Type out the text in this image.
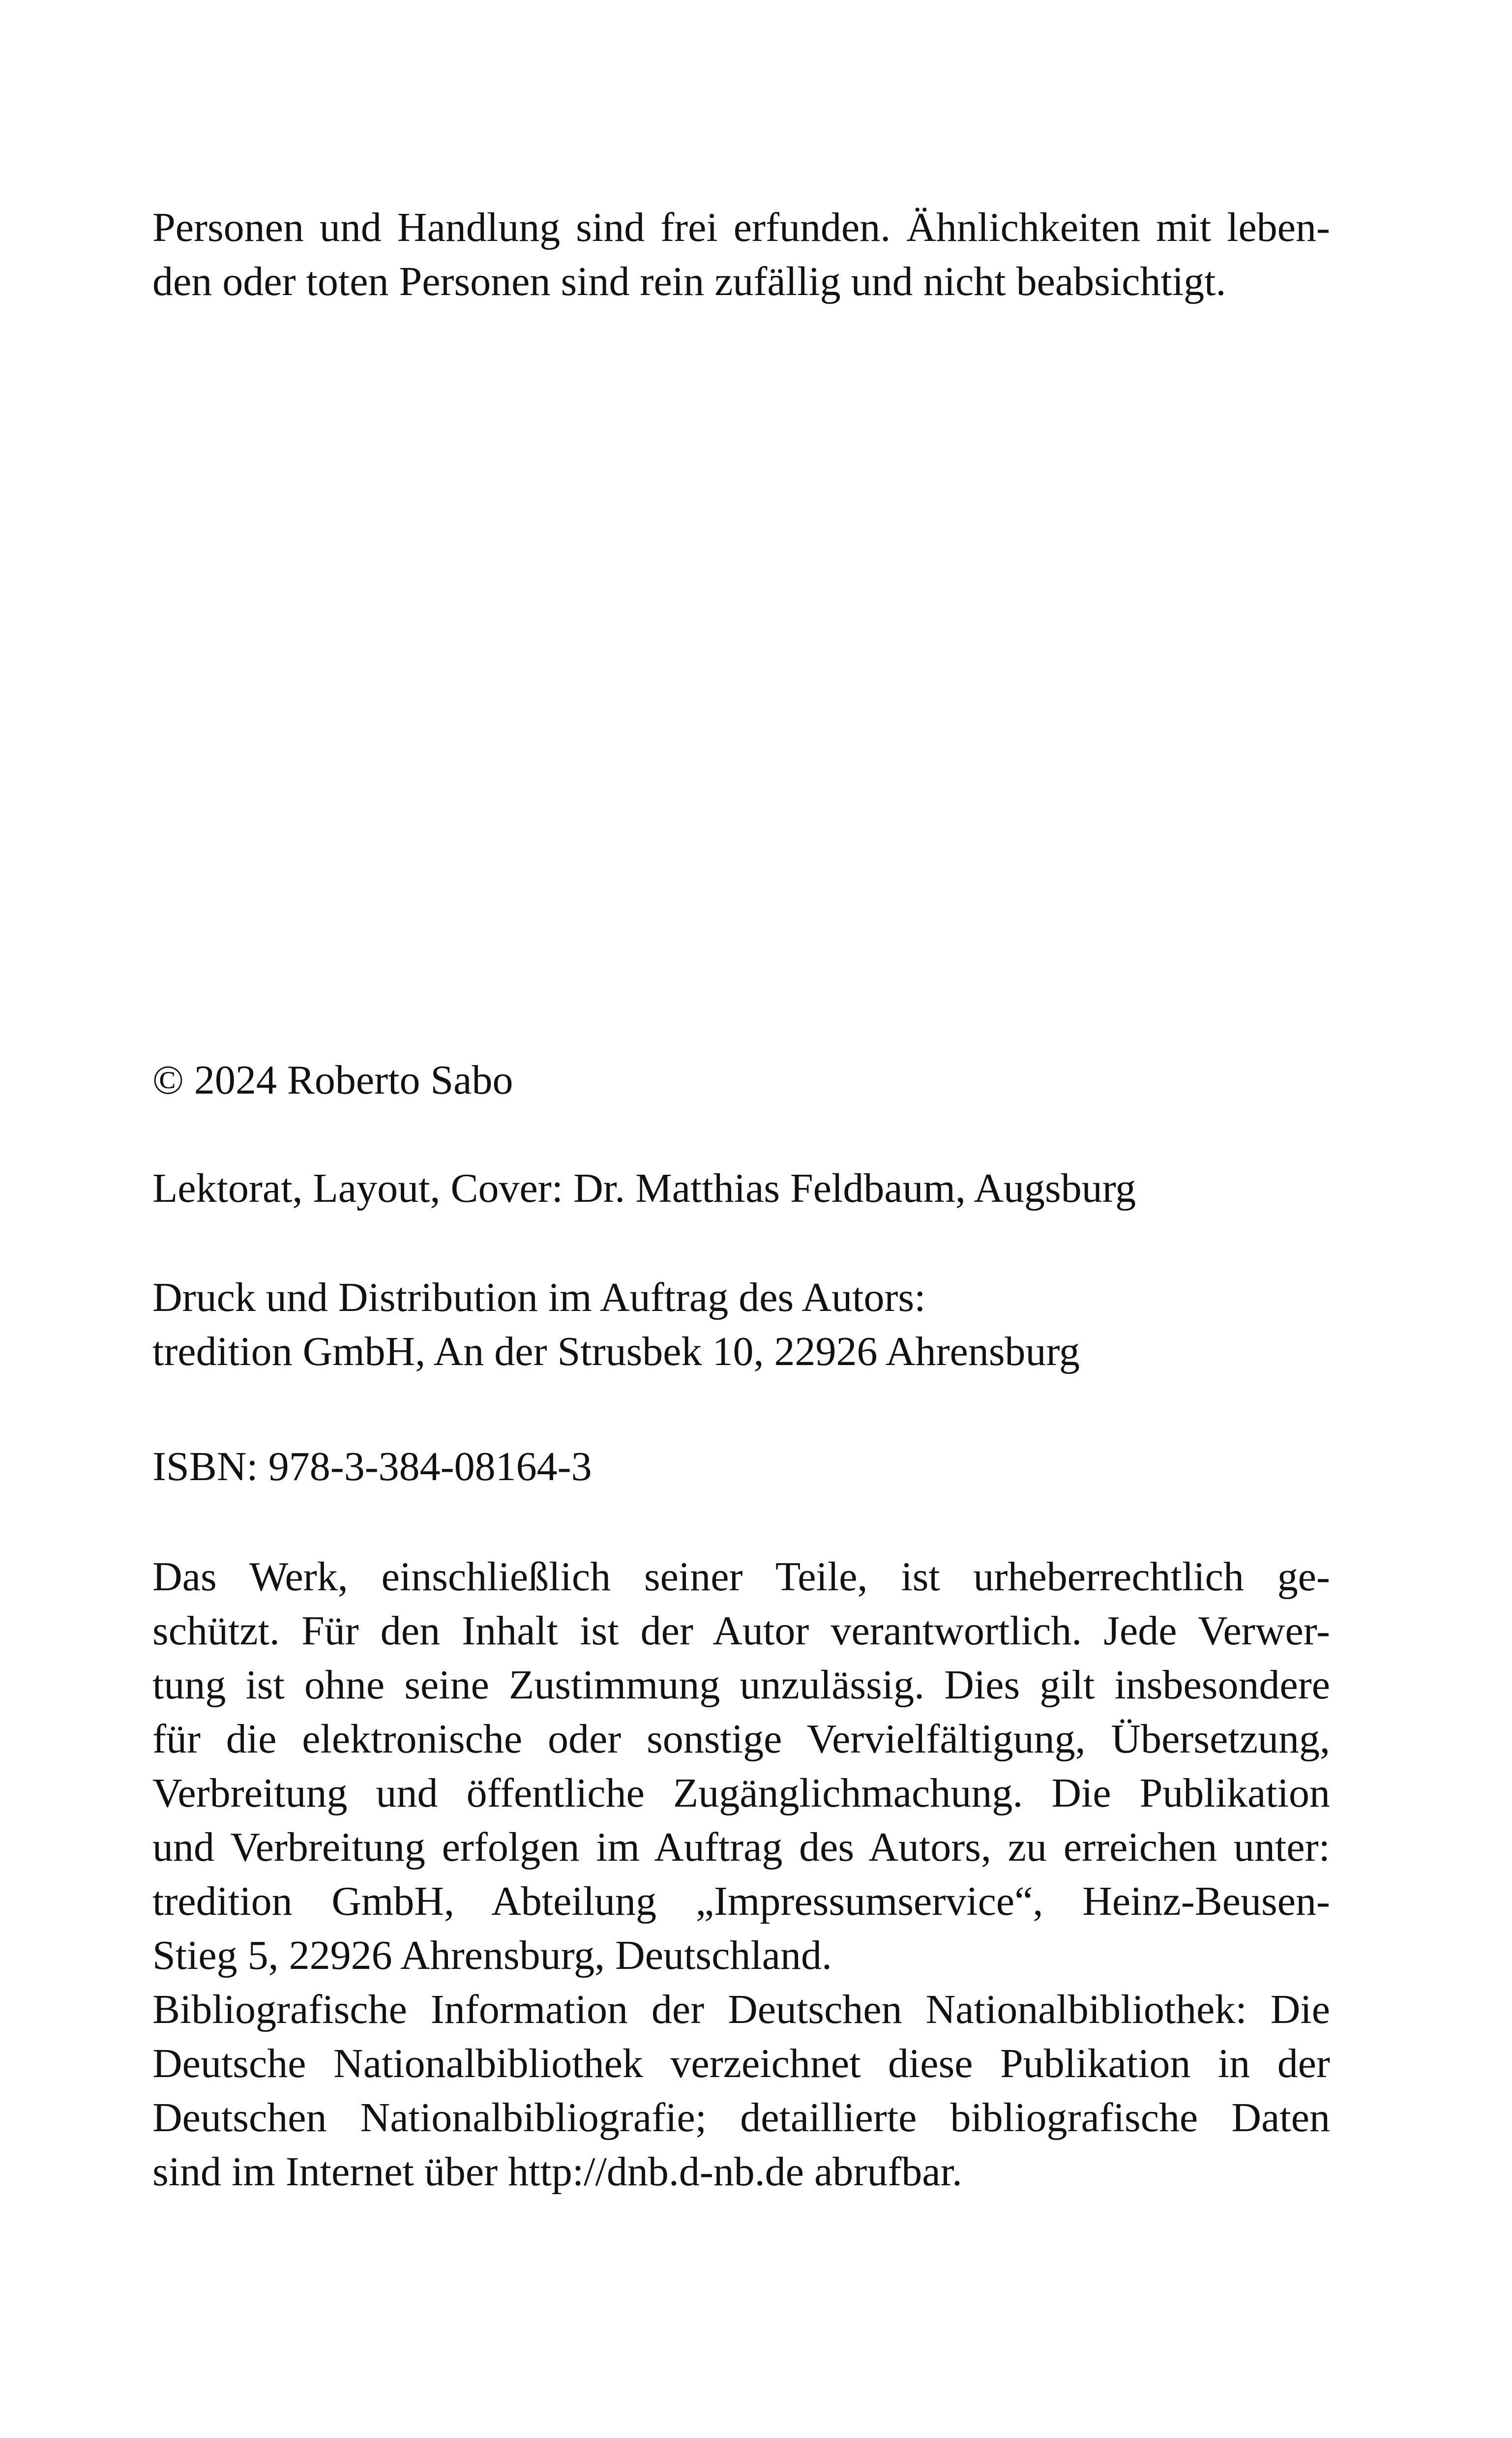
Personen und Handlung sind frei erfunden. Ähnlichkeiten mit leben-
den oder toten Personen sind rein zufällig und nicht beabsichtigt.
© 2024 Roberto Sabo
Lektorat, Layout, Cover: Dr. Matthias Feldbaum, Augsburg
Druck und Distribution im Auftrag des Autors:
tredition GmbH, An der Strusbek 10, 22926 Ahrensburg
ISBN: 978-3-384-08164-3
Das Werk, einschließlich seiner Teile, ist urheberrechtlich ge-
schützt. Für den Inhalt ist der Autor verantwortlich. Jede Verwer-
tung ist ohne seine Zustimmung unzulässig. Dies gilt insbesondere
für die elektronische oder sonstige Vervielfältigung, Übersetzung,
Verbreitung und öffentliche Zugänglichmachung. Die Publikation
und Verbreitung erfolgen im Auftrag des Autors, zu erreichen unter:
tredition GmbH, Abteilung „Impressumservice“, Heinz-Beusen-
Stieg 5, 22926 Ahrensburg, Deutschland.
Bibliografische Information der Deutschen Nationalbibliothek: Die
Deutsche Nationalbibliothek verzeichnet diese Publikation in der
Deutschen Nationalbibliografie; detaillierte bibliografische Daten
sind im Internet über http://dnb.d-nb.de abrufbar.
